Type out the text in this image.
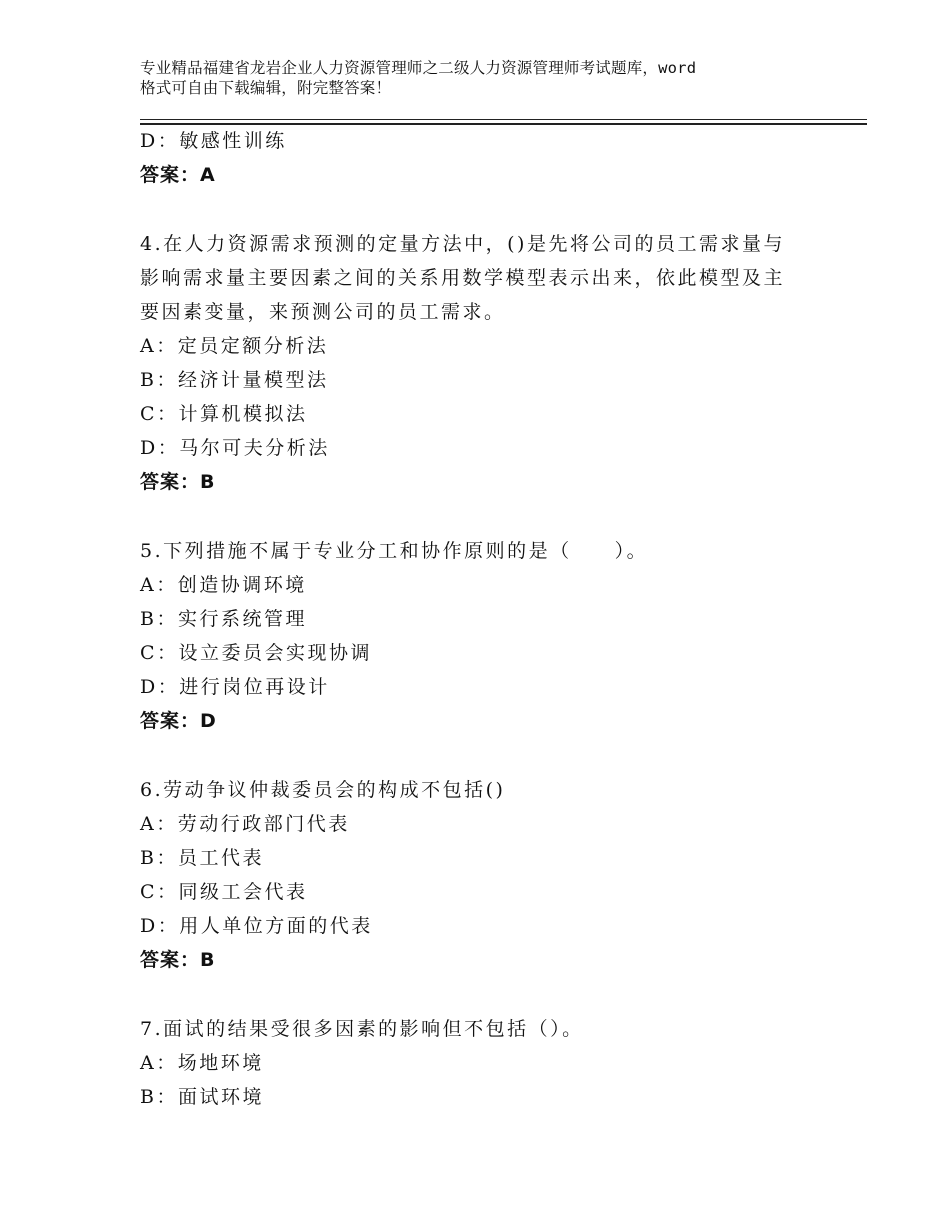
专业精品福建省龙岩企业人力资源管理师之二级人力资源管理师考试题库，word
格式可自由下载编辑，附完整答案！
D：敏感性训练
答案：A
4.在人力资源需求预测的定量方法中，()是先将公司的员工需求量与
影响需求量主要因素之间的关系用数学模型表示出来，依此模型及主
要因素变量，来预测公司的员工需求。
A：定员定额分析法
B：经济计量模型法
C：计算机模拟法
D：马尔可夫分析法
答案：B
5.下列措施不属于专业分工和协作原则的是（　　）。
A：创造协调环境
B：实行系统管理
C：设立委员会实现协调
D：进行岗位再设计
答案：D
6.劳动争议仲裁委员会的构成不包括()
A：劳动行政部门代表
B：员工代表
C：同级工会代表
D：用人单位方面的代表
答案：B
7.面试的结果受很多因素的影响但不包括（）。
A：场地环境
B：面试环境
